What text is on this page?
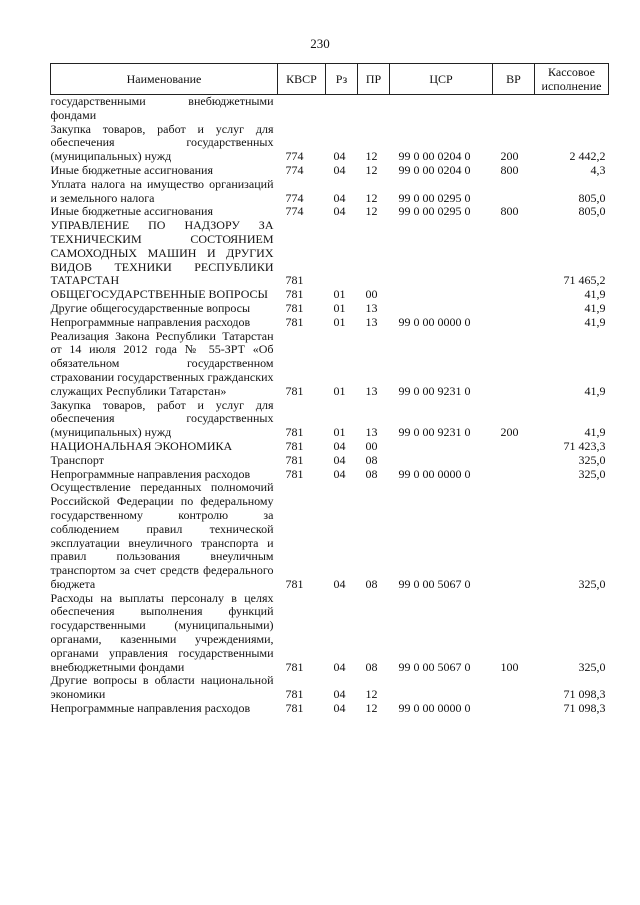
230
Наименование	КВСР	Рз	ПР	ЦСР	ВР	Кассовое исполнение
государственными внебюджетными фондами						
Закупка товаров, работ и услуг для обеспечения государственных (муниципальных) нужд	774	04	12	99 0 00 0204 0	200	2 442,2
Иные бюджетные ассигнования	774	04	12	99 0 00 0204 0	800	4,3
Уплата налога на имущество организаций и земельного налога	774	04	12	99 0 00 0295 0		805,0
Иные бюджетные ассигнования	774	04	12	99 0 00 0295 0	800	805,0
УПРАВЛЕНИЕ ПО НАДЗОРУ ЗА ТЕХНИЧЕСКИМ СОСТОЯНИЕМ САМОХОДНЫХ МАШИН И ДРУГИХ ВИДОВ ТЕХНИКИ РЕСПУБЛИКИ ТАТАРСТАН	781					71 465,2
ОБЩЕГОСУДАРСТВЕННЫЕ ВОПРОСЫ	781	01	00			41,9
Другие общегосударственные вопросы	781	01	13			41,9
Непрограммные направления расходов	781	01	13	99 0 00 0000 0		41,9
Реализация Закона Республики Татарстан от 14 июля 2012 года № 55-ЗРТ «Об обязательном государственном страховании государственных гражданских служащих Республики Татарстан»	781	01	13	99 0 00 9231 0		41,9
Закупка товаров, работ и услуг для обеспечения государственных (муниципальных) нужд	781	01	13	99 0 00 9231 0	200	41,9
НАЦИОНАЛЬНАЯ ЭКОНОМИКА	781	04	00			71 423,3
Транспорт	781	04	08			325,0
Непрограммные направления расходов	781	04	08	99 0 00 0000 0		325,0
Осуществление переданных полномочий Российской Федерации по федеральному государственному контролю за соблюдением правил технической эксплуатации внеуличного транспорта и правил пользования внеуличным транспортом за счет средств федерального бюджета	781	04	08	99 0 00 5067 0		325,0
Расходы на выплаты персоналу в целях обеспечения выполнения функций государственными (муниципальными) органами, казенными учреждениями, органами управления государственными внебюджетными фондами	781	04	08	99 0 00 5067 0	100	325,0
Другие вопросы в области национальной экономики	781	04	12			71 098,3
Непрограммные направления расходов	781	04	12	99 0 00 0000 0		71 098,3
